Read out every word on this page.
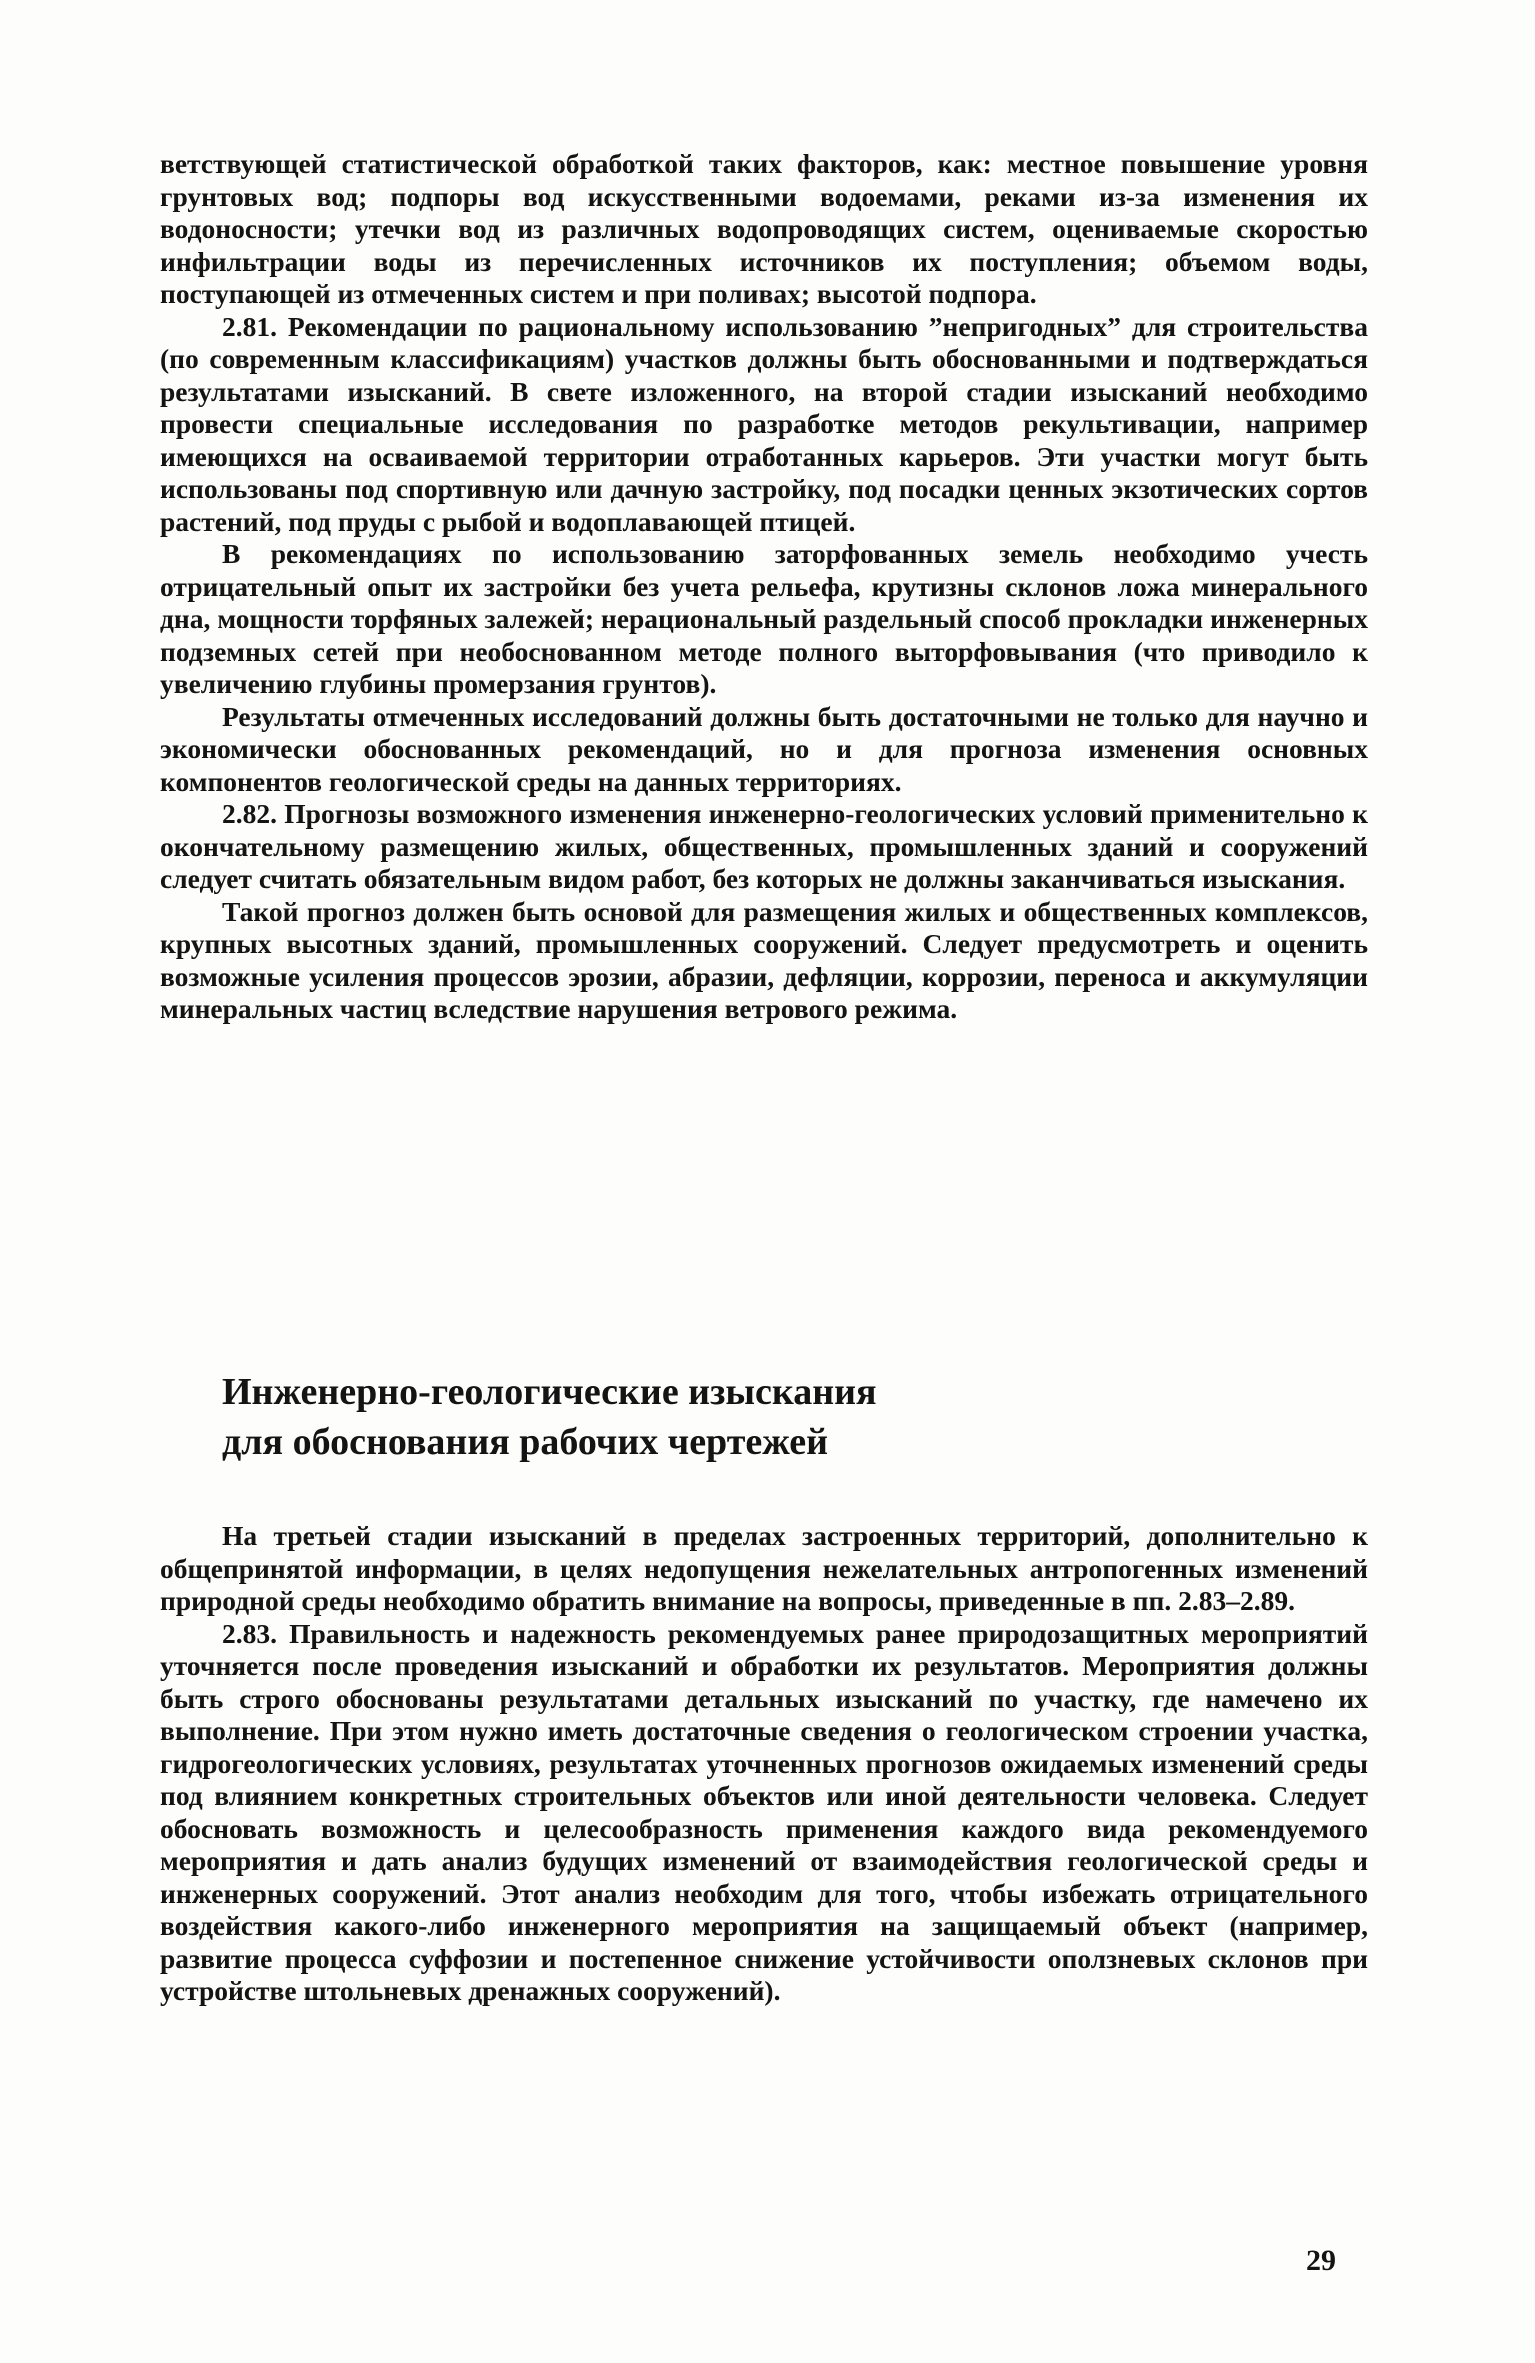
ветствующей статистической обработкой таких факторов, как: местное повышение уровня грунтовых вод; подпоры вод искусственными водоемами, реками из-за изменения их водоносности; утечки вод из различных водопроводящих систем, оцениваемые скоростью инфильтрации воды из перечисленных источников их поступления; объемом воды, поступающей из отмеченных систем и при поливах; высотой подпора.

2.81. Рекомендации по рациональному использованию ”непригодных” для строительства (по современным классификациям) участков должны быть обоснованными и подтверждаться результатами изысканий. В свете изложенного, на второй стадии изысканий необходимо провести специальные исследования по разработке методов рекультивации, например имеющихся на осваиваемой территории отработанных карьеров. Эти участки могут быть использованы под спортивную или дачную застройку, под посадки ценных экзотических сортов растений, под пруды с рыбой и водоплавающей птицей.

В рекомендациях по использованию заторфованных земель необходимо учесть отрицательный опыт их застройки без учета рельефа, крутизны склонов ложа минерального дна, мощности торфяных залежей; нерациональный раздельный способ прокладки инженерных подземных сетей при необоснованном методе полного выторфовывания (что приводило к увеличению глубины промерзания грунтов).

Результаты отмеченных исследований должны быть достаточными не только для научно и экономически обоснованных рекомендаций, но и для прогноза изменения основных компонентов геологической среды на данных территориях.

2.82. Прогнозы возможного изменения инженерно-геологических условий применительно к окончательному размещению жилых, общественных, промышленных зданий и сооружений следует считать обязательным видом работ, без которых не должны заканчиваться изыскания.

Такой прогноз должен быть основой для размещения жилых и общественных комплексов, крупных высотных зданий, промышленных сооружений. Следует предусмотреть и оценить возможные усиления процессов эрозии, абразии, дефляции, коррозии, переноса и аккумуляции минеральных частиц вследствие нарушения ветрового режима.

Инженерно-геологические изыскания
для обоснования рабочих чертежей

На третьей стадии изысканий в пределах застроенных территорий, дополнительно к общепринятой информации, в целях недопущения нежелательных антропогенных изменений природной среды необходимо обратить внимание на вопросы, приведенные в пп. 2.83–2.89.

2.83. Правильность и надежность рекомендуемых ранее природозащитных мероприятий уточняется после проведения изысканий и обработки их результатов. Мероприятия должны быть строго обоснованы результатами детальных изысканий по участку, где намечено их выполнение. При этом нужно иметь достаточные сведения о геологическом строении участка, гидрогеологических условиях, результатах уточненных прогнозов ожидаемых изменений среды под влиянием конкретных строительных объектов или иной деятельности человека. Следует обосновать возможность и целесообразность применения каждого вида рекомендуемого мероприятия и дать анализ будущих изменений от взаимодействия геологической среды и инженерных сооружений. Этот анализ необходим для того, чтобы избежать отрицательного воздействия какого-либо инженерного мероприятия на защищаемый объект (например, развитие процесса суффозии и постепенное снижение устойчивости оползневых склонов при устройстве штольневых дренажных сооружений).

29
